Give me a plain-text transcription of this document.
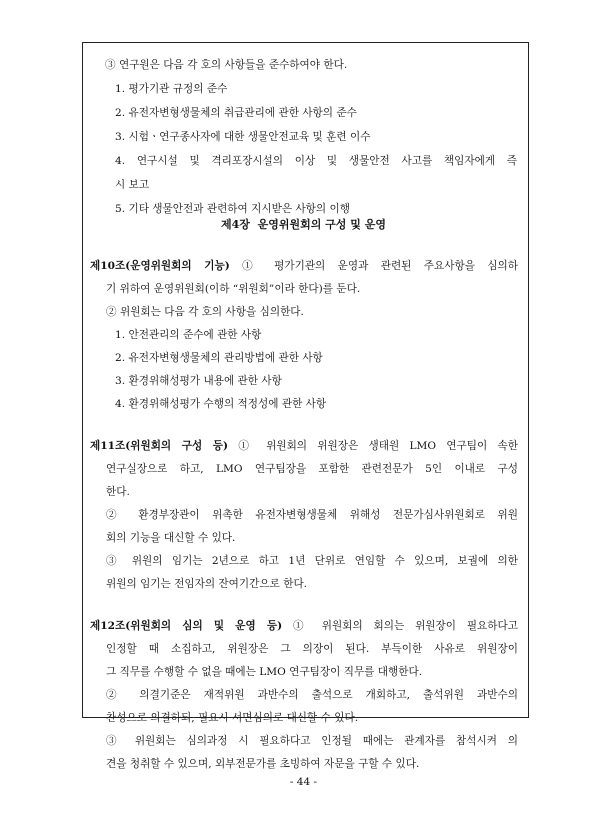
③ 연구원은 다음 각 호의 사항들을 준수하여야 한다.
1. 평가기관 규정의 준수
2. 유전자변형생물체의 취급관리에 관한 사항의 준수
3. 시험ㆍ연구종사자에 대한 생물안전교육 및 훈련 이수
4. 연구시설 및 격리포장시설의 이상 및 생물안전 사고를 책임자에게 즉
시 보고
5. 기타 생물안전과 관련하여 지시받은 사항의 이행
제4장  운영위원회의 구성 및 운영
제10조(운영위원회의 기능) ① 평가기관의 운영과 관련된 주요사항을 심의하
기 위하여 운영위원회(이하 “위원회”이라 한다)를 둔다.
② 위원회는 다음 각 호의 사항을 심의한다.
1. 안전관리의 준수에 관한 사항
2. 유전자변형생물체의 관리방법에 관한 사항
3. 환경위해성평가 내용에 관한 사항
4. 환경위해성평가 수행의 적정성에 관한 사항
제11조(위원회의 구성 등) ① 위원회의 위원장은 생태원 LMO 연구팀이 속한
연구실장으로 하고, LMO 연구팀장을 포함한 관련전문가 5인 이내로 구성
한다.
② 환경부장관이 위촉한 유전자변형생물체 위해성 전문가심사위원회로 위원
회의 기능을 대신할 수 있다.
③ 위원의 임기는 2년으로 하고 1년 단위로 연임할 수 있으며, 보궐에 의한
위원의 임기는 전임자의 잔여기간으로 한다.
제12조(위원회의 심의 및 운영 등) ① 위원회의 회의는 위원장이 필요하다고
인정할 때 소집하고, 위원장은 그 의장이 된다. 부득이한 사유로 위원장이
그 직무를 수행할 수 없을 때에는 LMO 연구팀장이 직무를 대행한다.
② 의결기준은 재적위원 과반수의 출석으로 개회하고, 출석위원 과반수의
찬성으로 의결하되, 필요시 서면심의로 대신할 수 있다.
③ 위원회는 심의과정 시 필요하다고 인정될 때에는 관계자를 참석시켜 의
견을 청취할 수 있으며, 외부전문가를 초빙하여 자문을 구할 수 있다.
- 44 -
